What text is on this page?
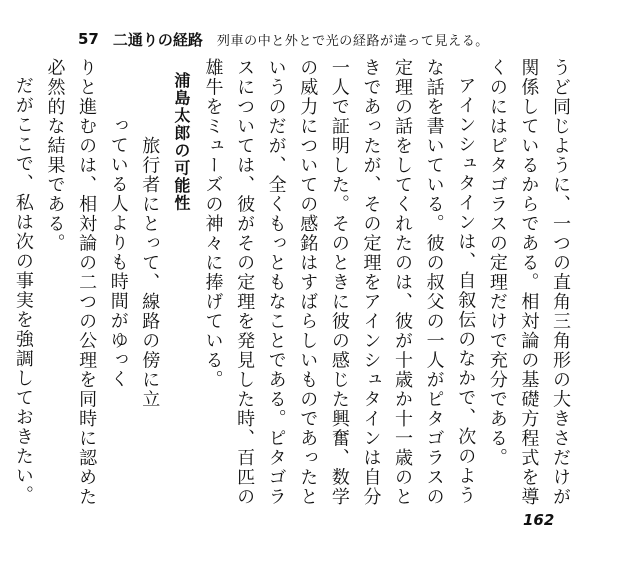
57 二通りの経路 列車の中と外とで光の経路が違って見える。
うど同じように、一つの直角三角形の大きさだけが
関係しているからである。相対論の基礎方程式を導
くのにはピタゴラスの定理だけで充分である。
アインシュタインは、自叙伝のなかで、次のよう
な話を書いている。彼の叔父の一人がピタゴラスの
定理の話をしてくれたのは、彼が十歳か十一歳のと
きであったが、その定理をアインシュタインは自分
一人で証明した。そのときに彼の感じた興奮、数学
の威力についての感銘はすばらしいものであったと
いうのだが、全くもっともなことである。ピタゴラ
スについては、彼がその定理を発見した時、百匹の
雄牛をミューズの神々に捧げている。
浦島太郎の可能性
旅行者にとって、線路の傍に立
っている人よりも時間がゆっく
りと進むのは、相対論の二つの公理を同時に認めた
必然的な結果である。
だがここで、私は次の事実を強調しておきたい。
162
